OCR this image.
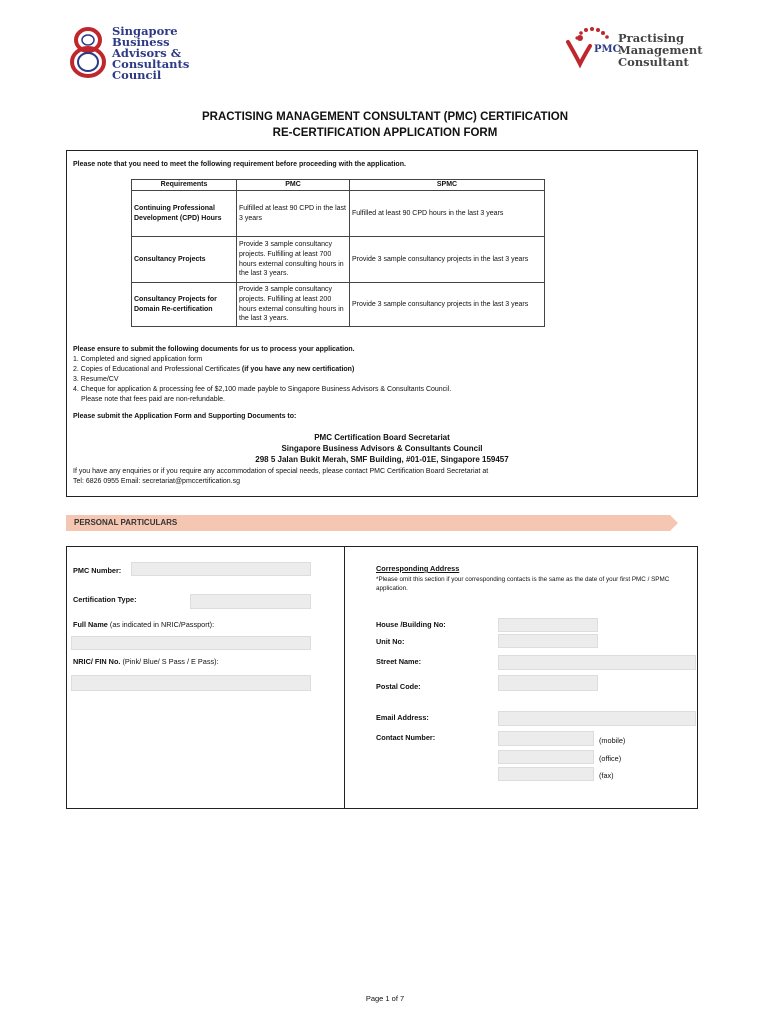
Singapore
Business
Advisors &
Consultants
Council
PMC
Practising
Management
Consultant
PRACTISING MANAGEMENT CONSULTANT (PMC) CERTIFICATION
RE-CERTIFICATION APPLICATION FORM
Please note that you need to meet the following requirement before proceeding with the application.
Requirements	PMC	SPMC
Continuing Professional Development (CPD) Hours	Fulfilled at least 90 CPD in the last 3 years	Fulfilled at least 90 CPD hours in the last 3 years
Consultancy Projects	Provide 3 sample consultancy projects. Fulfilling at least 700 hours external consulting hours in the last 3 years.	Provide 3 sample consultancy projects in the last 3 years
Consultancy Projects for Domain Re-certification	Provide 3 sample consultancy projects. Fulfilling at least 200 hours external consulting hours in the last 3 years.	Provide 3 sample consultancy projects in the last 3 years
Please ensure to submit the following documents for us to process your application.
1. Completed and signed application form
2. Copies of Educational and Professional Certificates (if you have any new certification)
3. Resume/CV
4. Cheque for application & processing fee of $2,100 made payble to Singapore Business Advisors & Consultants Council.
Please note that fees paid are non-refundable.
Please submit the Application Form and Supporting Documents to:
PMC Certification Board Secretariat
Singapore Business Advisors & Consultants Council
298 5 Jalan Bukit Merah, SMF Building, #01-01E, Singapore 159457
If you have any enquiries or if you require any accommodation of special needs, please contact PMC Certification Board Secretariat at
Tel: 6826 0955 Email: secretariat@pmccertification.sg
PERSONAL PARTICULARS
PMC Number:
Certification Type:
Full Name (as indicated in NRIC/Passport):
NRIC/ FIN No. (Pink/ Blue/ S Pass / E Pass):
Corresponding Address
*Please omit this section if your corresponding contacts is the same as the date of your first PMC / SPMC application.
House /Building No:
Unit No:
Street Name:
Postal Code:
Email Address:
Contact Number:	(mobile)
(office)
(fax)
Page 1 of 7
